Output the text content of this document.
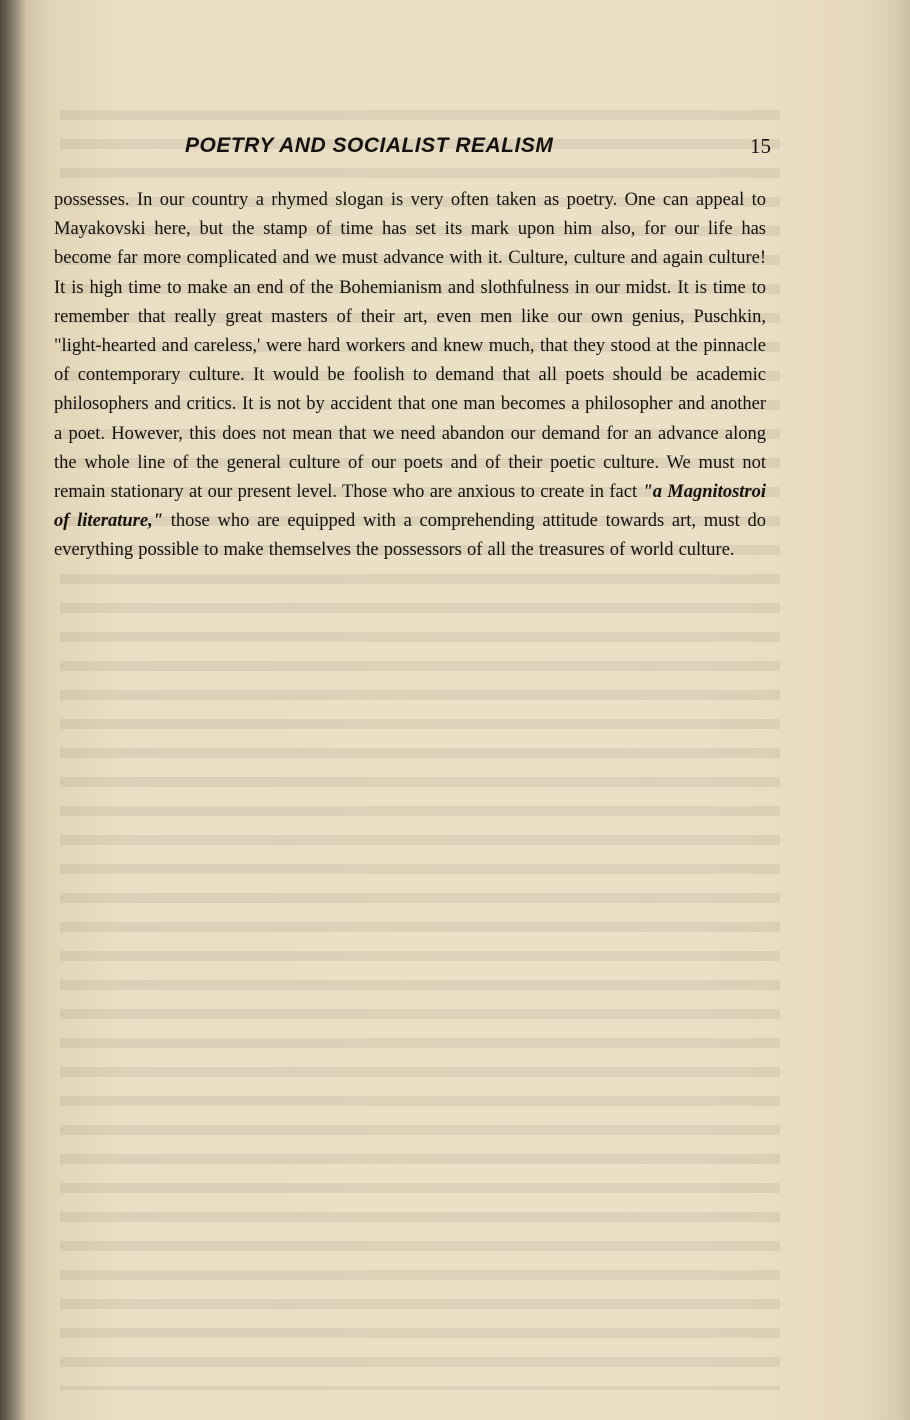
POETRY AND SOCIALIST REALISM	15

possesses. In our country a rhymed slogan is very often taken as poetry. One can appeal to Mayakovski here, but the stamp of time has set its mark upon him also, for our life has become far more complicated and we must advance with it. Culture, culture and again culture! It is high time to make an end of the Bohemianism and slothfulness in our midst. It is time to remember that really great masters of their art, even men like our own genius, Puschkin, "light-hearted and careless,' were hard workers and knew much, that they stood at the pinnacle of contemporary culture. It would be foolish to demand that all poets should be academic philosophers and critics. It is not by accident that one man becomes a philosopher and another a poet. However, this does not mean that we need abandon our demand for an advance along the whole line of the general culture of our poets and of their poetic culture. We must not remain stationary at our present level. Those who are anxious to create in fact "a Magnitostroi of literature," those who are equipped with a comprehending attitude towards art, must do everything possible to make themselves the possessors of all the treasures of world culture.
